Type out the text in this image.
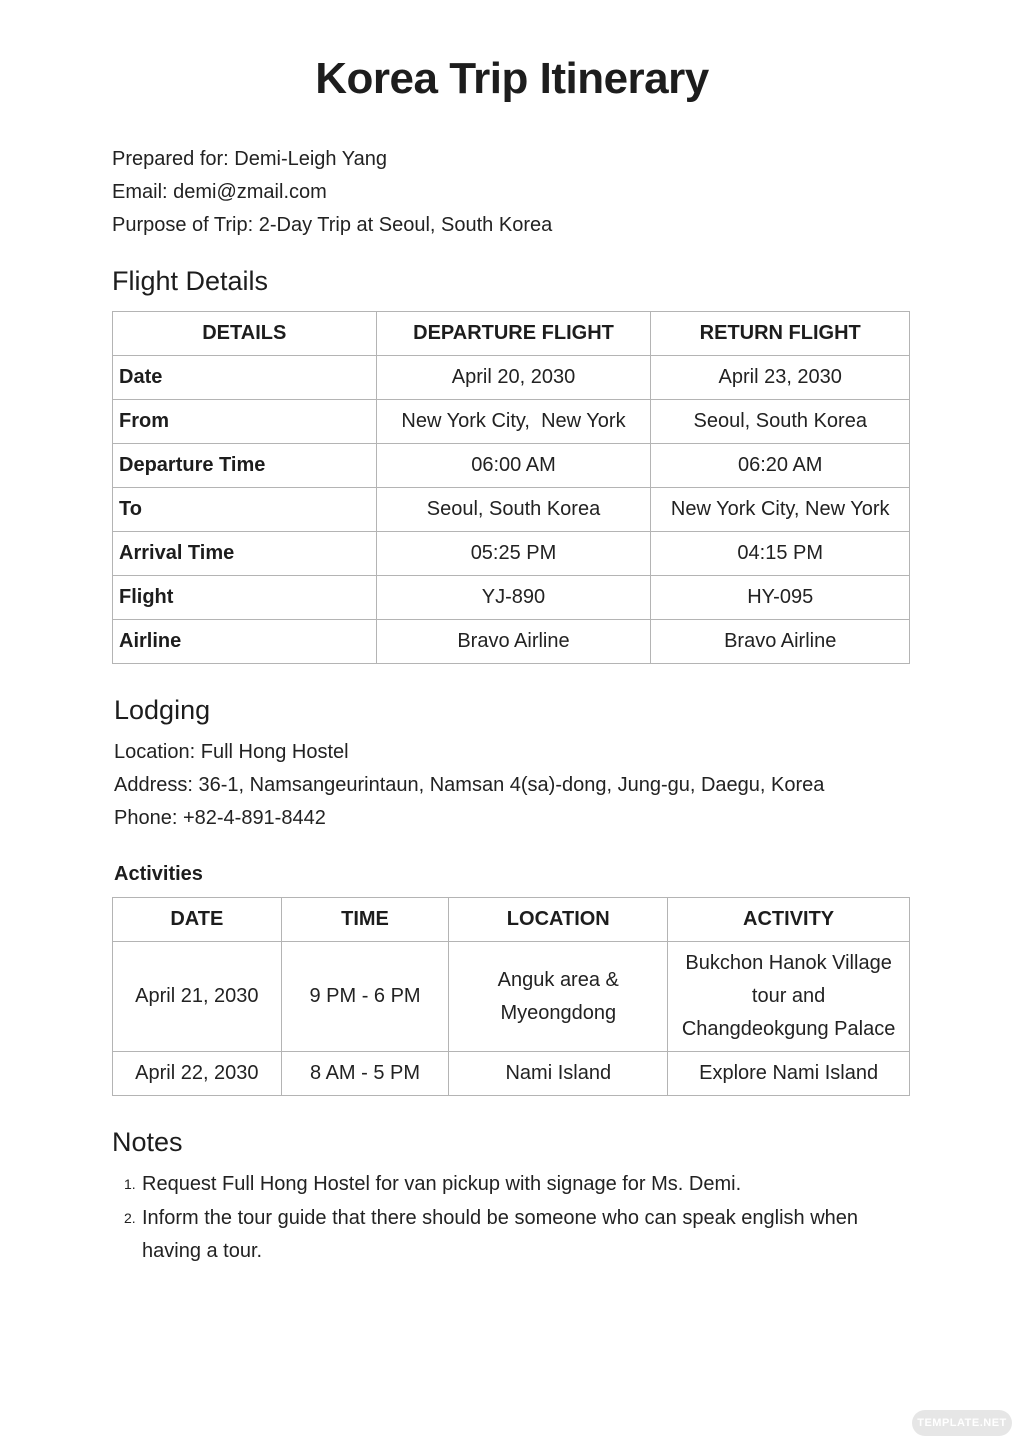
Korea Trip Itinerary
Prepared for: Demi-Leigh Yang
Email: demi@zmail.com
Purpose of Trip: 2-Day Trip at Seoul, South Korea
Flight Details
DETAILS	DEPARTURE FLIGHT	RETURN FLIGHT
Date	April 20, 2030	April 23, 2030
From	New York City,  New York	Seoul, South Korea
Departure Time	06:00 AM	06:20 AM
To	Seoul, South Korea	New York City, New York
Arrival Time	05:25 PM	04:15 PM
Flight	YJ-890	HY-095
Airline	Bravo Airline	Bravo Airline
Lodging
Location: Full Hong Hostel
Address: 36-1, Namsangeurintaun, Namsan 4(sa)-dong, Jung-gu, Daegu, Korea
Phone: +82-4-891-8442
Activities
DATE	TIME	LOCATION	ACTIVITY
April 21, 2030	9 PM - 6 PM	Anguk area & Myeongdong	Bukchon Hanok Village tour and Changdeokgung Palace
April 22, 2030	8 AM - 5 PM	Nami Island	Explore Nami Island
Notes
1. Request Full Hong Hostel for van pickup with signage for Ms. Demi.
2. Inform the tour guide that there should be someone who can speak english when having a tour.
TEMPLATE.NET
